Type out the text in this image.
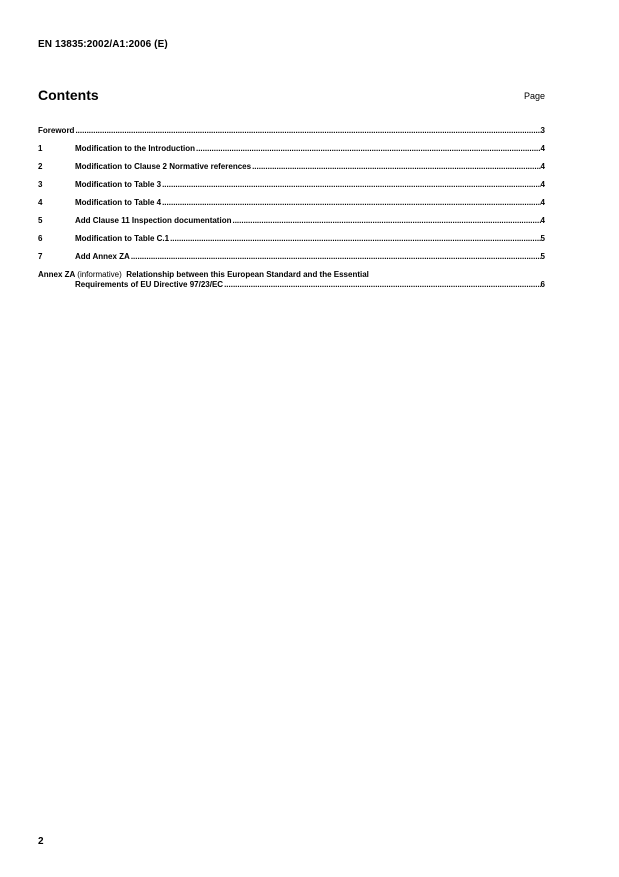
EN 13835:2002/A1:2006 (E)
Contents	Page
Foreword .....	3
1	Modification to the Introduction .....	4
2	Modification to Clause 2 Normative references .....	4
3	Modification to Table 3 .....	4
4	Modification to Table 4 .....	4
5	Add Clause 11 Inspection documentation .....	4
6	Modification to Table C.1 .....	5
7	Add Annex ZA .....	5
Annex ZA (informative) Relationship between this European Standard and the Essential
Requirements of EU Directive 97/23/EC .....	6
2
